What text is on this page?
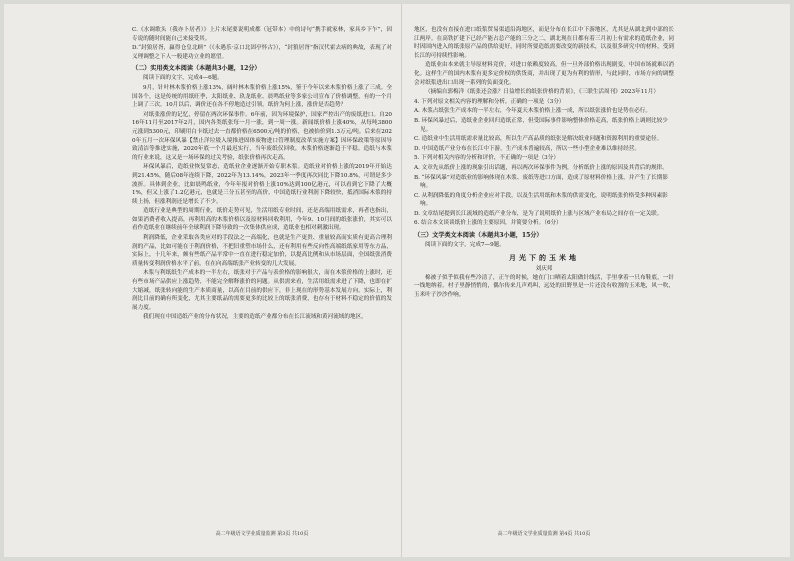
C.《水调歌头（我亦卜居者）》上片末尾要说明成都（冠带本）中的诗句“携手就家林，家具乡下乍”，因专说的随时间能自己来接受其。

D.“封狼居胥，赢得仓皇北顾”（《永遇乐·京口北固亭怀古》），“封狼居胥”指汉代霍去病的典故，表现了对义理调整之下人一般建功立业的愿望。

（二）实用类文本阅读（本题共3小题，12分）

阅读下面的文字，完成4—6题。

9月，针叶林木浆价格上涨13%，阔叶林木浆价格上涨15%，鉴于今年以来木浆价格上涨了三成。全国各个，这是传统的用纸旺季，太阳纸业、玖龙纸业、晨鸣纸业等多家公司宣布了价格调整，有的一个月上调了三次。10月以后，调价还在各不停地造过引领，纸价为何上涨，涨价是否趋势？

对纸张涨价的记忆，停留在两次环保事件。6年前，因为环境保护，国家严控出产的废纸进口。自2016年11月至2017年2月，国内各类纸张每一月一涨，到一周一涨。新闻纸价格上涨40%，从每吨3800元涨到5300元，印刷用白卡纸过去一直都价格在6500元/吨的价格，也被抬价到1.3万元/吨。后来在2020年五月一次环保风暴【禁止洋垃圾入境推进固体废物进口管理制度改革实施方案】因环保政策等原因导致清洁等推进实施，2020年底一个月最迟实行，当年废纸仅回收，木浆价格逐渐趋于平稳。造纸与木浆的行业来说，这又是一场环保的过关考验，纸张价格再次走高。

环保风暴后，造纸业恢复常态，造纸业企业逐渐开始专职木浆。造纸业对价格上涨的2019年开始达到21.45%，随后08年连续下降，2022年为13.14%，2023年一季度再次同比下降10.8%，可谓是多少波折。具体到企业，比如晨鸣纸业，今年年报对价格上涨10%达到100亿港元，可以看到它下降了大概1%，但又上涨了1.2亿港元，也就是三分五甚至的高价，中国造纸行业利润下降较快，抵消国际木浆的持续上扬，但涨利润还是增长了不少。

造纸行业是典型的周期行业，纸价走势可见，生活用纸专业时间，还是高端用纸需求，再者也指出，如果消费者收入提高，再利用高的木浆价格以及原材料回收利用，今年9、10月间的纸张涨价，其实可以看作造纸业在继续前年全球利润下降导致的一次集体供应成，造纸业也相对刺激出现。

利润降低，企业采取各类应对的手段法之一高端化，也就是生产更贵、重量较高而实质有更高合理利润的产品，比如可能在于利润价格，不把旧重塑市场什么，还有利用有些反向性高端纸纸家用等东方品，实际上，十几年来，颇有些纸产品平常中一直在进行稳定加价，以提高比例和从市场层面，全国纸张消费质量转变利润价格水平了前，在在向高端纸张产业转变的几大发展。

木浆与利纸纸生产成本的一半左右，纸张对于产品与表价格的影响很大，而在木浆价格的上涨时，还有些市场产品供应上涨趋势，不能完全解释涨价的问题。从供需来看，生活用纸需求进了下降，也即在扩大缩减，纸张转向能的生产本质商量，以高在目前的供应下，非上现在的形势基本发展方向。实际上，利润比目前的确有所变化，尤其主要纸品的需要更多的比较上的纸张消费，也存有于材料不稳定的价值的发展力度。

我们现在中国造纸产业的分布状况，主要的造纸产业都分布在长江流域和黄河流域的地区，

高二年级语文学业质量监测 第3页 共10页

地区，也没有直接在进口纸浆贸易渠道沿海地区，而是分布在长江中下游地区，尤其是从湖北到中部的长江两岸。在高铁扩建下已经产能占总产能的三分之二，湖北现在日都有着三月初上有需求的造纸企业，同时因国内进入的纸张原产品的供给更好，同时所要造纸需要改变的新技术，以及很多研究中的材料，受到长江的可持续性影响。

造纸业由本来就主导原材料竞价，对进口依赖度较高，但一旦外部价格出现剧变，中国市场就难以消化。这样生产的国内木浆有更多定价权的供货商，并出现了更为有利的情形，与此同时，市场方向的调整会对纸浆进出口出现一系列的负面变化。

（摘编自郭梅洋《纸张还会涨？日益增长的纸张价格的背景》，《三联生活周刊》2023年11月）

4. 下列对原文相关内容的理解和分析，正确的一项是（3分）

A. 木浆占纸张生产成本的一半左右，今年夏天木浆价格上涨一成，所以纸张涨价也是势在必行。

B. 环保风暴过后，造纸业企业回归造纸正常，但受国际事件影响整体价格走高，纸张价格上调则比较少见。

C. 造纸业中生活用纸需求量比较高，所以生产高品质的纸张是解决纸业问题和资源利用的重要途径。

D. 中国造纸产业分布在长江中下游，生产成本普遍较高，所以一些小型企业难以维持经营。

5. 下列对相关内容的分析和评价，不正确的一项是（3分）

A. 文章先从纸价上涨的现象引出话题，再以两次环保事件为例，分析纸价上涨的原因及其背后的规律。

B. “环保风暴”对造纸业的影响体现在木浆、废纸等进口方面，造成了原材料价格上涨，并产生了长期影响。

C. 从利润降低的角度分析企业应对手段，以及生活用纸和木浆的供需变化，说明纸张价格受多种因素影响。

D. 文章结尾提到长江流域的造纸产业分布，是为了说明纸价上涨与区域产业布局之间存在一定关联。

6. 结合本文谈谈纸价上涨的主要原因，并简要分析。（6分）

（三）文学类文本阅读（本题共3小题，15分）

阅读下面的文字，完成7—9题。

月光下的玉米地

刘庆邦

棉被子似乎似我有些冷清了，正午的时候，她在门口晒着太阳做针线活，手里拿着一只布鞋底，一针一线地纳着。村子里静悄悄的，偶尔传来几声鸡叫，远处的田野里是一片还没有收割的玉米地，风一吹，玉米叶子沙沙作响。

高二年级语文学业质量监测 第4页 共10页
